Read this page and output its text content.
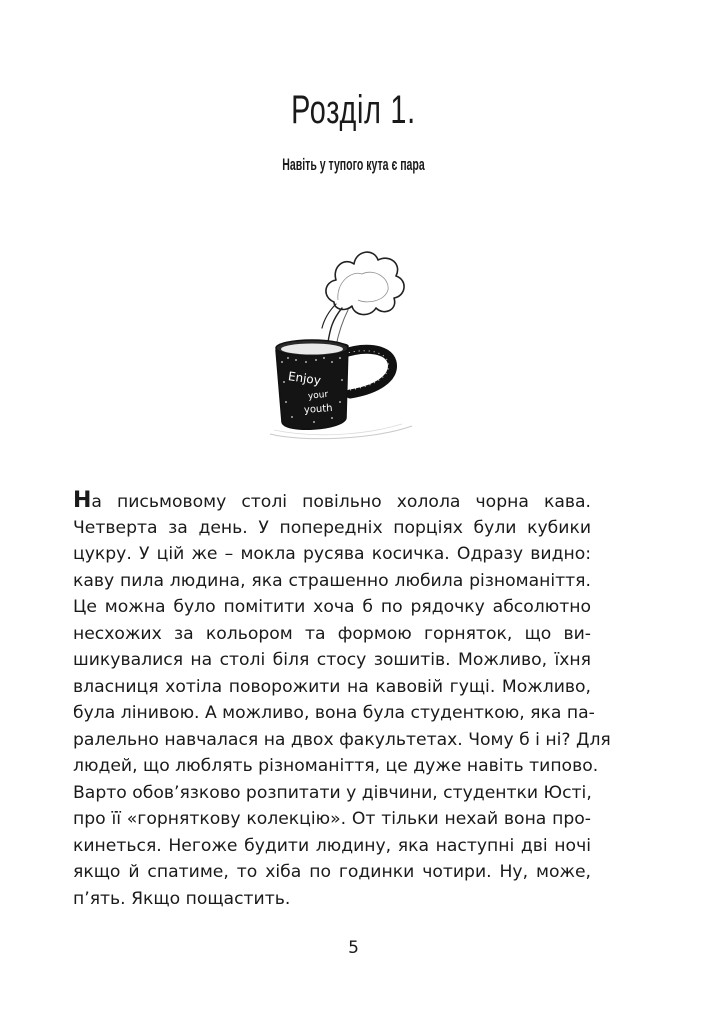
Розділ 1.
Навіть у тупого кута є пара
Enjoy
your
youth
На письмовому столі повільно холола чорна кава.
Четверта за день. У попередніх порціях були кубики
цукру. У цій же – мокла русява косичка. Одразу видно:
каву пила людина, яка страшенно любила різноманіття.
Це можна було помітити хоча б по рядочку абсолютно
несхожих за кольором та формою горняток, що ви-
шикувалися на столі біля стосу зошитів. Можливо, їхня
власниця хотіла поворожити на кавовій гущі. Можливо,
була лінивою. А можливо, вона була студенткою, яка па-
ралельно навчалася на двох факультетах. Чому б і ні? Для
людей, що люблять різноманіття, це дуже навіть типово.
Варто обов’язково розпитати у дівчини, студентки Юсті,
про її «горняткову колекцію». От тільки нехай вона про-
кинеться. Негоже будити людину, яка наступні дві ночі
якщо й спатиме, то хіба по годинки чотири. Ну, може,
п’ять. Якщо пощастить.
5
